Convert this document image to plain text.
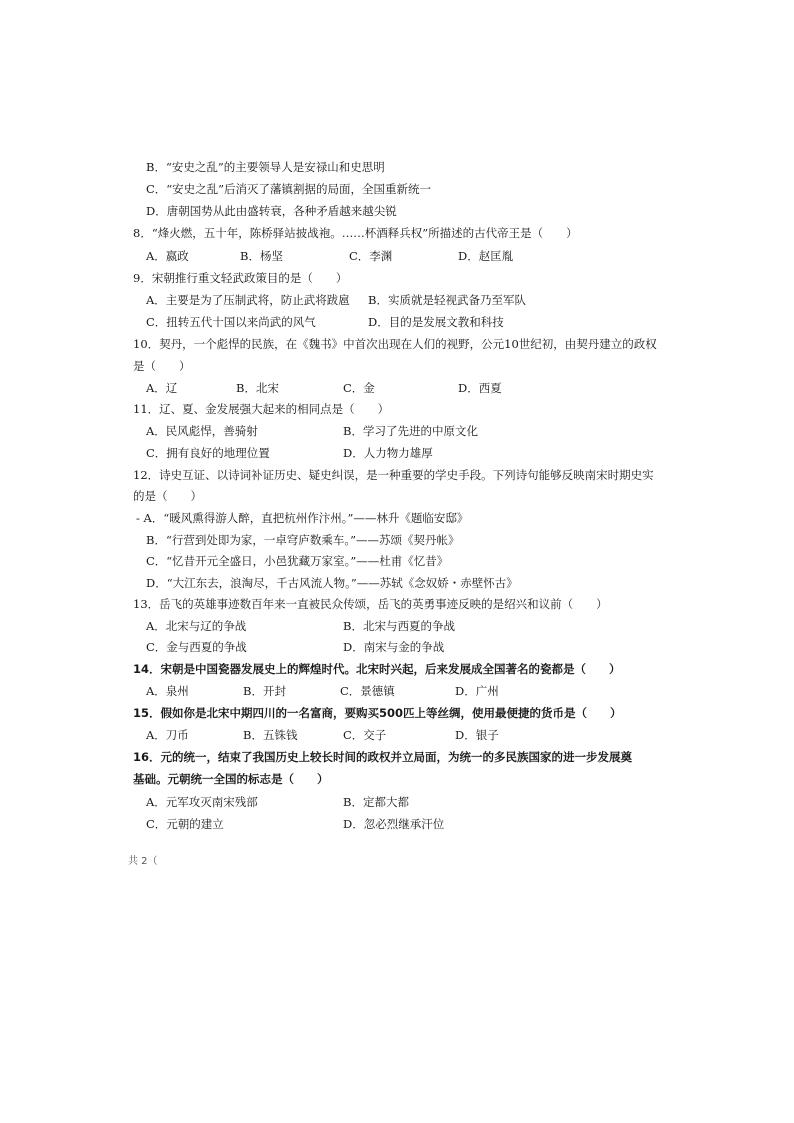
B．“安史之乱”的主要领导人是安禄山和史思明
C．“安史之乱”后消灭了藩镇割据的局面，全国重新统一
D．唐朝国势从此由盛转衰，各种矛盾越来越尖锐
8．“烽火燃，五十年，陈桥驿站披战袍。……杯酒释兵权”所描述的古代帝王是（　　）
A．嬴政	B．杨坚	C．李渊	D．赵匡胤
9．宋朝推行重文轻武政策目的是（　　）
A．主要是为了压制武将，防止武将跋扈 B．实质就是轻视武备乃至军队
C．扭转五代十国以来尚武的风气	D．目的是发展文教和科技
10．契丹，一个彪悍的民族，在《魏书》中首次出现在人们的视野，公元10世纪初，由契丹建立的政权
是（　　）
A．辽	B．北宋	C．金	D．西夏
11．辽、夏、金发展强大起来的相同点是（　　）
A．民风彪悍，善骑射	B．学习了先进的中原文化
C．拥有良好的地理位置	D．人力物力雄厚
12．诗史互证、以诗词补证历史、疑史纠误，是一种重要的学史手段。下列诗句能够反映南宋时期史实
的是（　　）
- A．“暖风熏得游人醉，直把杭州作汴州。”——林升《题临安邸》
B．“行营到处即为家，一卓穹庐数乘车。”——苏颂《契丹帐》
C．“忆昔开元全盛日，小邑犹藏万家室。”——杜甫《忆昔》
D．“大江东去，浪淘尽，千古风流人物。”——苏轼《念奴娇・赤壁怀古》
13．岳飞的英雄事迹数百年来一直被民众传颂，岳飞的英勇事迹反映的是绍兴和议前（　　）
A．北宋与辽的争战	B．北宋与西夏的争战
C．金与西夏的争战	D．南宋与金的争战
14．宋朝是中国瓷器发展史上的辉煌时代。北宋时兴起，后来发展成全国著名的瓷都是（　　）
A．泉州	B．开封	C．景德镇	D．广州
15．假如你是北宋中期四川的一名富商，要购买500匹上等丝绸，使用最便捷的货币是（　　）
A．刀币	B．五铢钱	C．交子	D．银子
16．元的统一，结束了我国历史上较长时间的政权并立局面，为统一的多民族国家的进一步发展奠
基础。元朝统一全国的标志是（　　）
A．元军攻灭南宋残部	B．定都大都
C．元朝的建立	D．忽必烈继承汗位
共 2（
